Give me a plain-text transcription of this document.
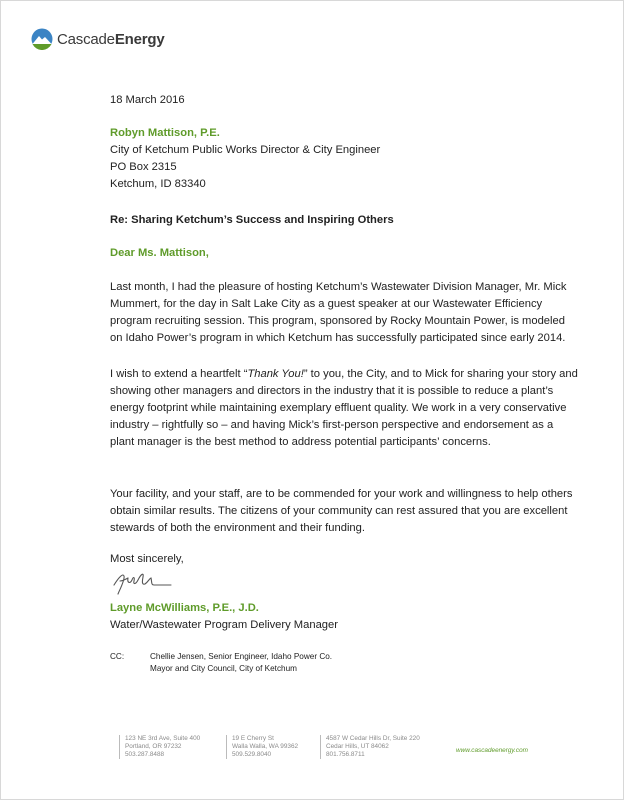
CascadeEnergy
18 March 2016

Robyn Mattison, P.E.

City of Ketchum Public Works Director & City Engineer

PO Box 2315

Ketchum, ID 83340

Re: Sharing Ketchum’s Success and Inspiring Others
Dear Ms. Mattison,

Last month, I had the pleasure of hosting Ketchum’s Wastewater Division Manager, Mr. Mick Mummert, for the day in Salt Lake City as a guest speaker at our Wastewater Efficiency program recruiting session. This program, sponsored by Rocky Mountain Power, is modeled on Idaho Power’s program in which Ketchum has successfully participated since early 2014.

I wish to extend a heartfelt “Thank You!” to you, the City, and to Mick for sharing your story and showing other managers and directors in the industry that it is possible to reduce a plant’s energy footprint while maintaining exemplary effluent quality. We work in a very conservative industry – rightfully so – and having Mick’s first-person perspective and endorsement as a plant manager is the best method to address potential participants’ concerns.

Your facility, and your staff, are to be commended for your work and willingness to help others obtain similar results. The citizens of your community can rest assured that you are excellent stewards of both the environment and their funding.

Most sincerely,

Layne McWilliams, P.E., J.D.

Water/Wastewater Program Delivery Manager

CC:	Chellie Jensen, Senior Engineer, Idaho Power Co.
Mayor and City Council, City of Ketchum
123 NE 3rd Ave, Suite 400
Portland, OR 97232
503.287.8488
19 E Cherry St
Walla Walla, WA 99362
509.529.8040
4587 W Cedar Hills Dr, Suite 220
Cedar Hills, UT 84062
801.756.8711
www.cascadeenergy.com
